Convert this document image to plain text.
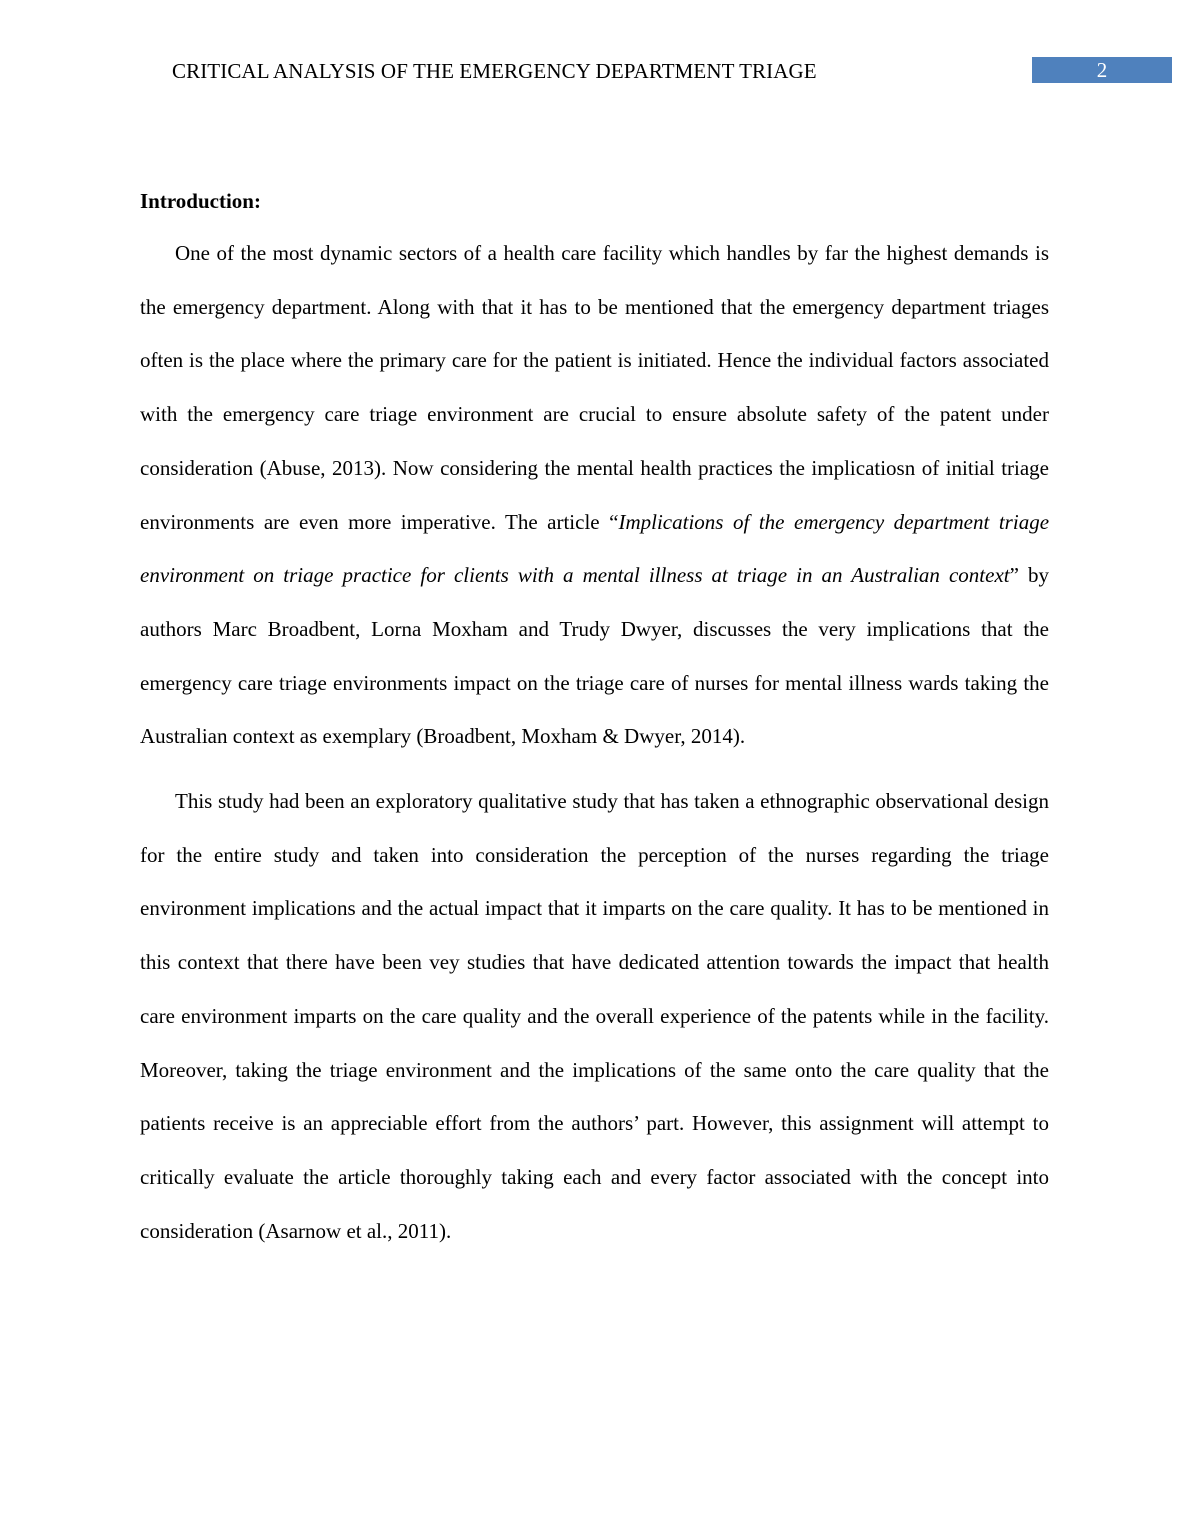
CRITICAL ANALYSIS OF THE EMERGENCY DEPARTMENT TRIAGE	2
Introduction:

One of the most dynamic sectors of a health care facility which handles by far the highest demands is the emergency department. Along with that it has to be mentioned that the emergency department triages often is the place where the primary care for the patient is initiated. Hence the individual factors associated with the emergency care triage environment are crucial to ensure absolute safety of the patent under consideration (Abuse, 2013). Now considering the mental health practices the implicatiosn of initial triage environments are even more imperative. The article “Implications of the emergency department triage environment on triage practice for clients with a mental illness at triage in an Australian context” by authors Marc Broadbent, Lorna Moxham and Trudy Dwyer, discusses the very implications that the emergency care triage environments impact on the triage care of nurses for mental illness wards taking the Australian context as exemplary (Broadbent, Moxham & Dwyer, 2014).

This study had been an exploratory qualitative study that has taken a ethnographic observational design for the entire study and taken into consideration the perception of the nurses regarding the triage environment implications and the actual impact that it imparts on the care quality. It has to be mentioned in this context that there have been vey studies that have dedicated attention towards the impact that health care environment imparts on the care quality and the overall experience of the patents while in the facility. Moreover, taking the triage environment and the implications of the same onto the care quality that the patients receive is an appreciable effort from the authors’ part. However, this assignment will attempt to critically evaluate the article thoroughly taking each and every factor associated with the concept into consideration (Asarnow et al., 2011).
